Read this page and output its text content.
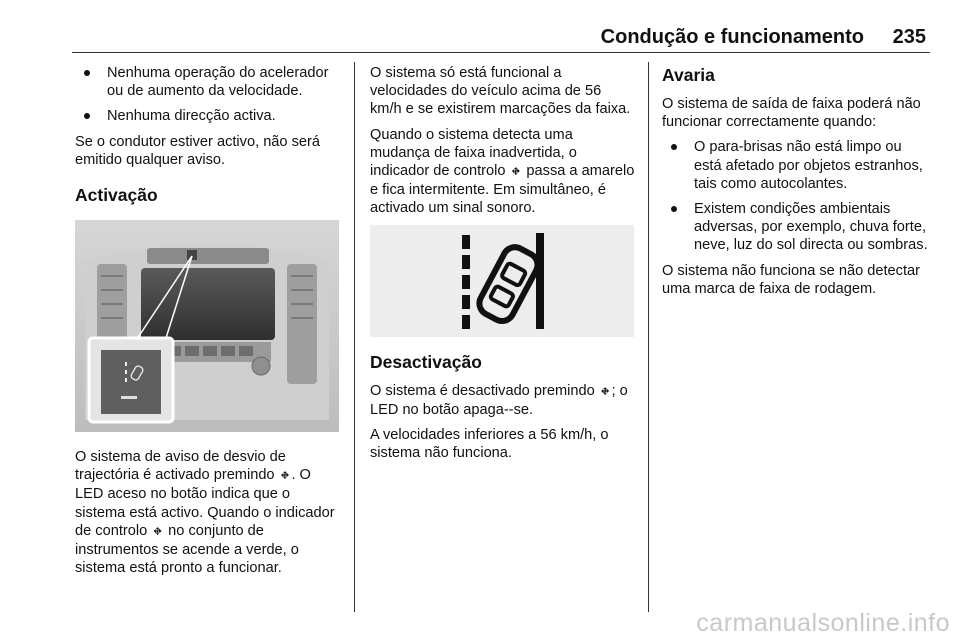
Condução e funcionamento 235
Nenhuma operação do acelerador ou de aumento da velocidade.
Nenhuma direcção activa.

Se o condutor estiver activo, não será emitido qualquer aviso.

Activação

O sistema de aviso de desvio de trajectória é activado premindo ⛖ . O LED aceso no botão indica que o sistema está activo. Quando o indicador de controlo ⛖ no conjunto de instrumentos se acende a verde, o sistema está pronto a funcionar.

O sistema só está funcional a velocidades do veículo acima de 56 km/h e se existirem marcações da faixa.

Quando o sistema detecta uma mudança de faixa inadvertida, o indicador de controlo ⛖ passa a amarelo e fica intermitente. Em simultâneo, é activado um sinal sonoro.

Desactivação

O sistema é desactivado premindo ⛖ ; o LED no botão apaga--se.

A velocidades inferiores a 56 km/h, o sistema não funciona.

Avaria

O sistema de saída de faixa poderá não funcionar correctamente quando:

O para-brisas não está limpo ou está afetado por objetos estranhos, tais como autocolantes.
Existem condições ambientais adversas, por exemplo, chuva forte, neve, luz do sol directa ou sombras.

O sistema não funciona se não detectar uma marca de faixa de rodagem.

carmanualsonline.info
